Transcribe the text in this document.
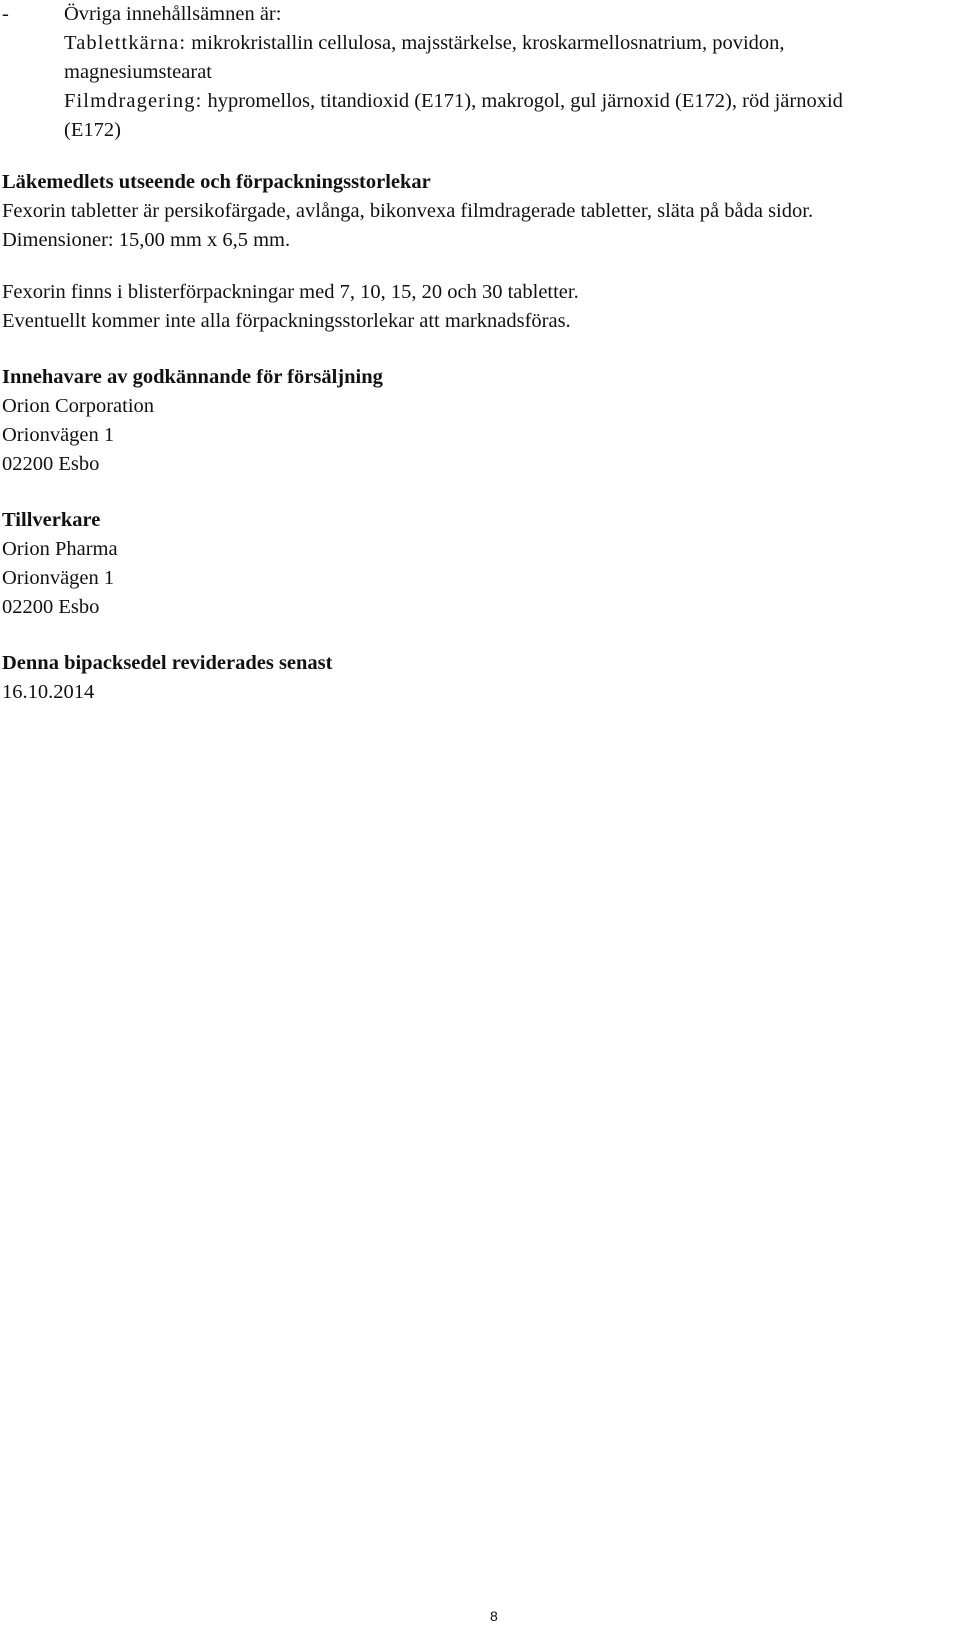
-	Övriga innehållsämnen är:
Tablettkärna: mikrokristallin cellulosa, majsstärkelse, kroskarmellosnatrium, povidon,
magnesiumstearat
Filmdragering: hypromellos, titandioxid (E171), makrogol, gul järnoxid (E172), röd järnoxid
(E172)
Läkemedlets utseende och förpackningsstorlekar
Fexorin tabletter är persikofärgade, avlånga, bikonvexa filmdragerade tabletter, släta på båda sidor.
Dimensioner: 15,00 mm x 6,5 mm.
Fexorin finns i blisterförpackningar med 7, 10, 15, 20 och 30 tabletter.
Eventuellt kommer inte alla förpackningsstorlekar att marknadsföras.
Innehavare av godkännande för försäljning
Orion Corporation
Orionvägen 1
02200 Esbo
Tillverkare
Orion Pharma
Orionvägen 1
02200 Esbo
Denna bipacksedel reviderades senast
16.10.2014
8
